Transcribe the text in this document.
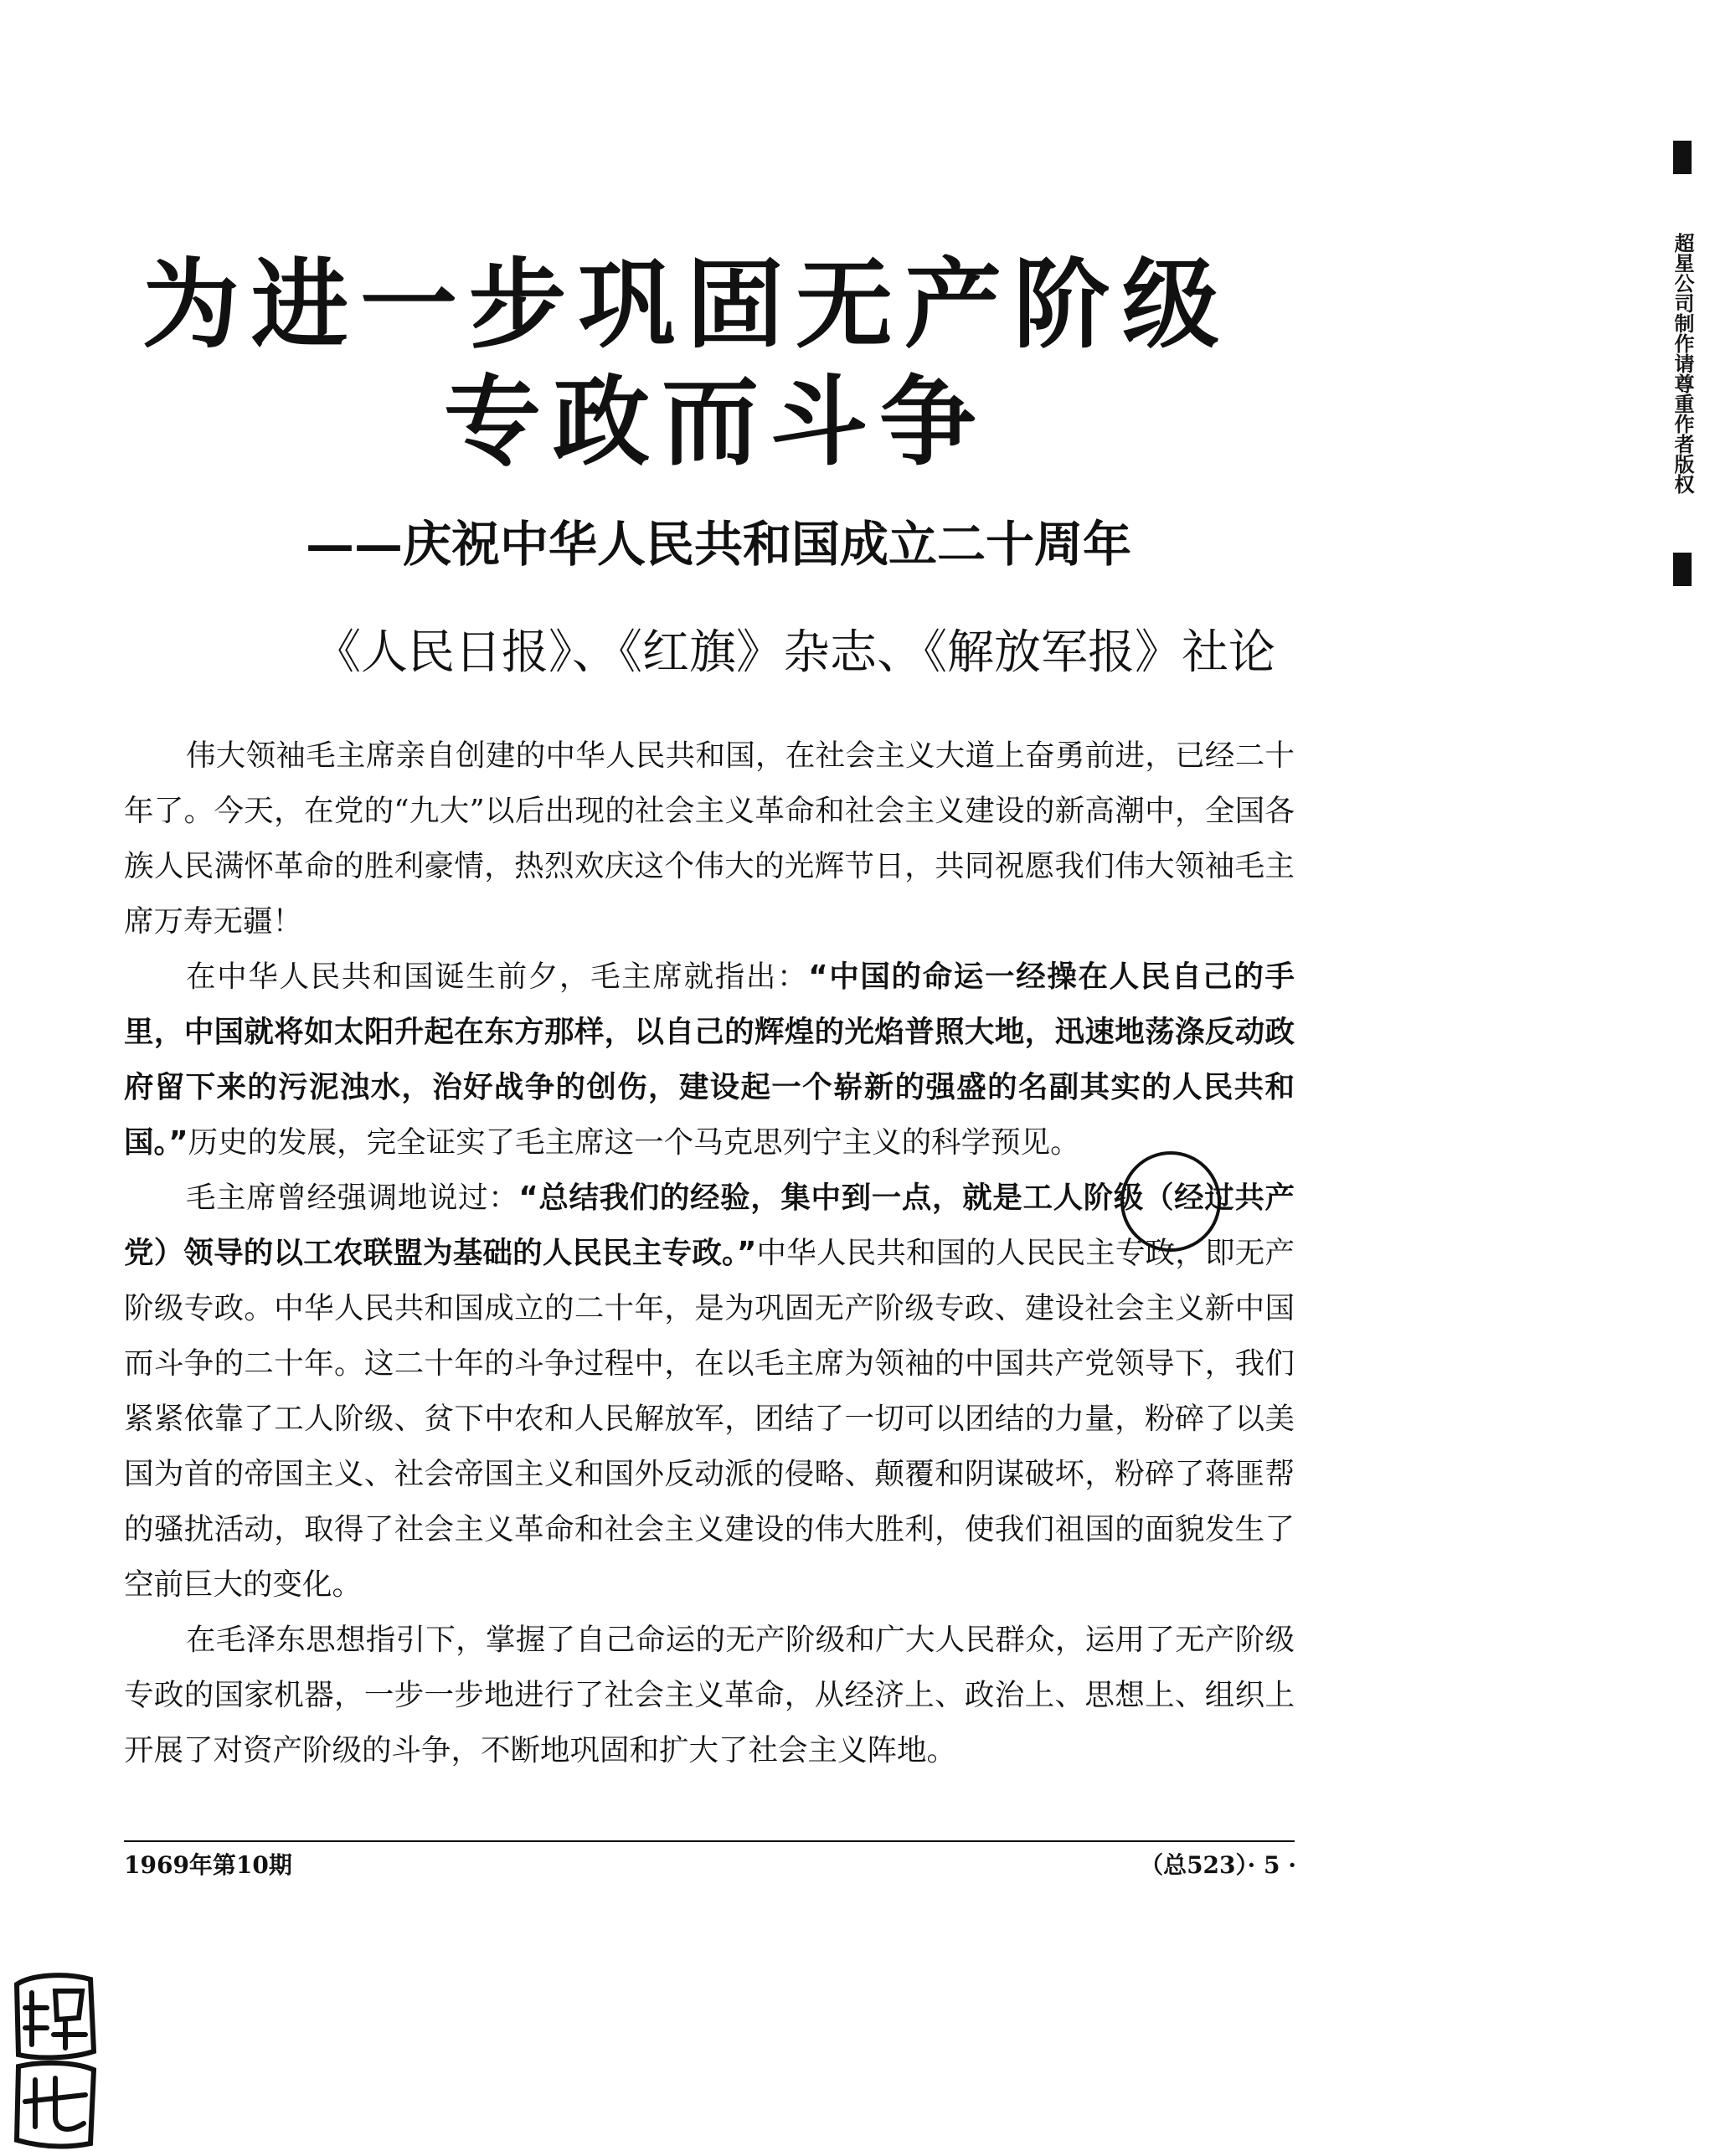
为进一步巩固无产阶级
专政而斗争
——庆祝中华人民共和国成立二十周年
《人民日报》、《红旗》杂志、《解放军报》社论

伟大领袖毛主席亲自创建的中华人民共和国，在社会主义大道上奋勇前进，已经二十年了。今天，在党的“九大”以后出现的社会主义革命和社会主义建设的新高潮中，全国各族人民满怀革命的胜利豪情，热烈欢庆这个伟大的光辉节日，共同祝愿我们伟大领袖毛主席万寿无疆！

在中华人民共和国诞生前夕，毛主席就指出：“中国的命运一经操在人民自己的手里，中国就将如太阳升起在东方那样，以自己的辉煌的光焰普照大地，迅速地荡涤反动政府留下来的污泥浊水，治好战争的创伤，建设起一个崭新的强盛的名副其实的人民共和国。”历史的发展，完全证实了毛主席这一个马克思列宁主义的科学预见。

毛主席曾经强调地说过：“总结我们的经验，集中到一点，就是工人阶级（经过共产党）领导的以工农联盟为基础的人民民主专政。”中华人民共和国的人民民主专政，即无产阶级专政。中华人民共和国成立的二十年，是为巩固无产阶级专政、建设社会主义新中国而斗争的二十年。这二十年的斗争过程中，在以毛主席为领袖的中国共产党领导下，我们紧紧依靠了工人阶级、贫下中农和人民解放军，团结了一切可以团结的力量，粉碎了以美国为首的帝国主义、社会帝国主义和国外反动派的侵略、颠覆和阴谋破坏，粉碎了蒋匪帮的骚扰活动，取得了社会主义革命和社会主义建设的伟大胜利，使我们祖国的面貌发生了空前巨大的变化。

在毛泽东思想指引下，掌握了自己命运的无产阶级和广大人民群众，运用了无产阶级专政的国家机器，一步一步地进行了社会主义革命，从经济上、政治上、思想上、组织上开展了对资产阶级的斗争，不断地巩固和扩大了社会主义阵地。

1969年第10期	（总523）· 5 ·
超星公司制作请尊重作者版权
